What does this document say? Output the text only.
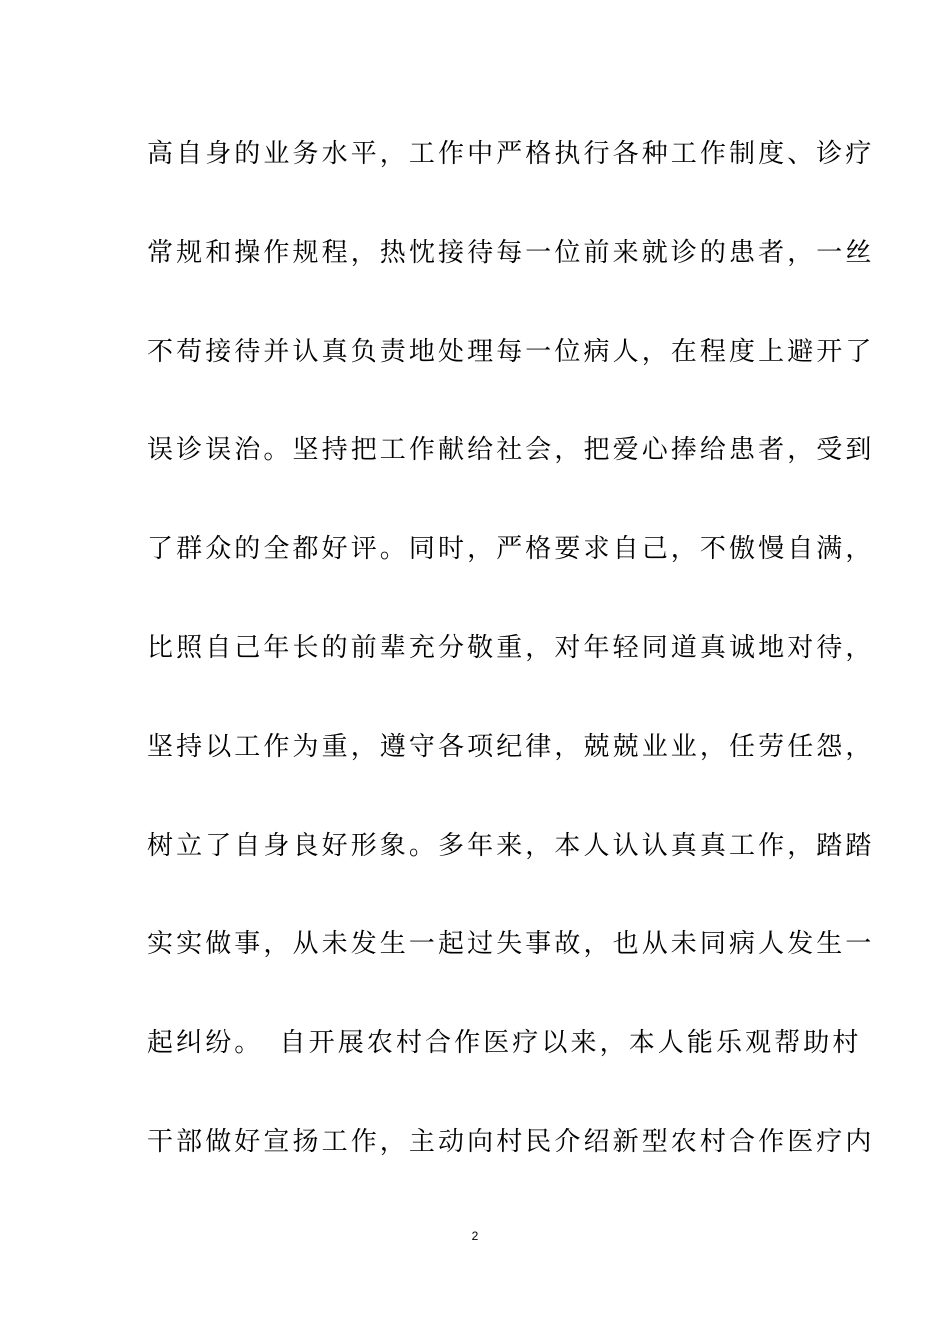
高自身的业务水平，工作中严格执行各种工作制度、诊疗
常规和操作规程，热忱接待每一位前来就诊的患者，一丝
不苟接待并认真负责地处理每一位病人，在程度上避开了
误诊误治。坚持把工作献给社会，把爱心捧给患者，受到
了群众的全都好评。同时，严格要求自己，不傲慢自满，
比照自己年长的前辈充分敬重，对年轻同道真诚地对待，
坚持以工作为重，遵守各项纪律，兢兢业业，任劳任怨，
树立了自身良好形象。多年来，本人认认真真工作，踏踏
实实做事，从未发生一起过失事故，也从未同病人发生一
起纠纷。　自开展农村合作医疗以来，本人能乐观帮助村
干部做好宣扬工作，主动向村民介绍新型农村合作医疗内
2
